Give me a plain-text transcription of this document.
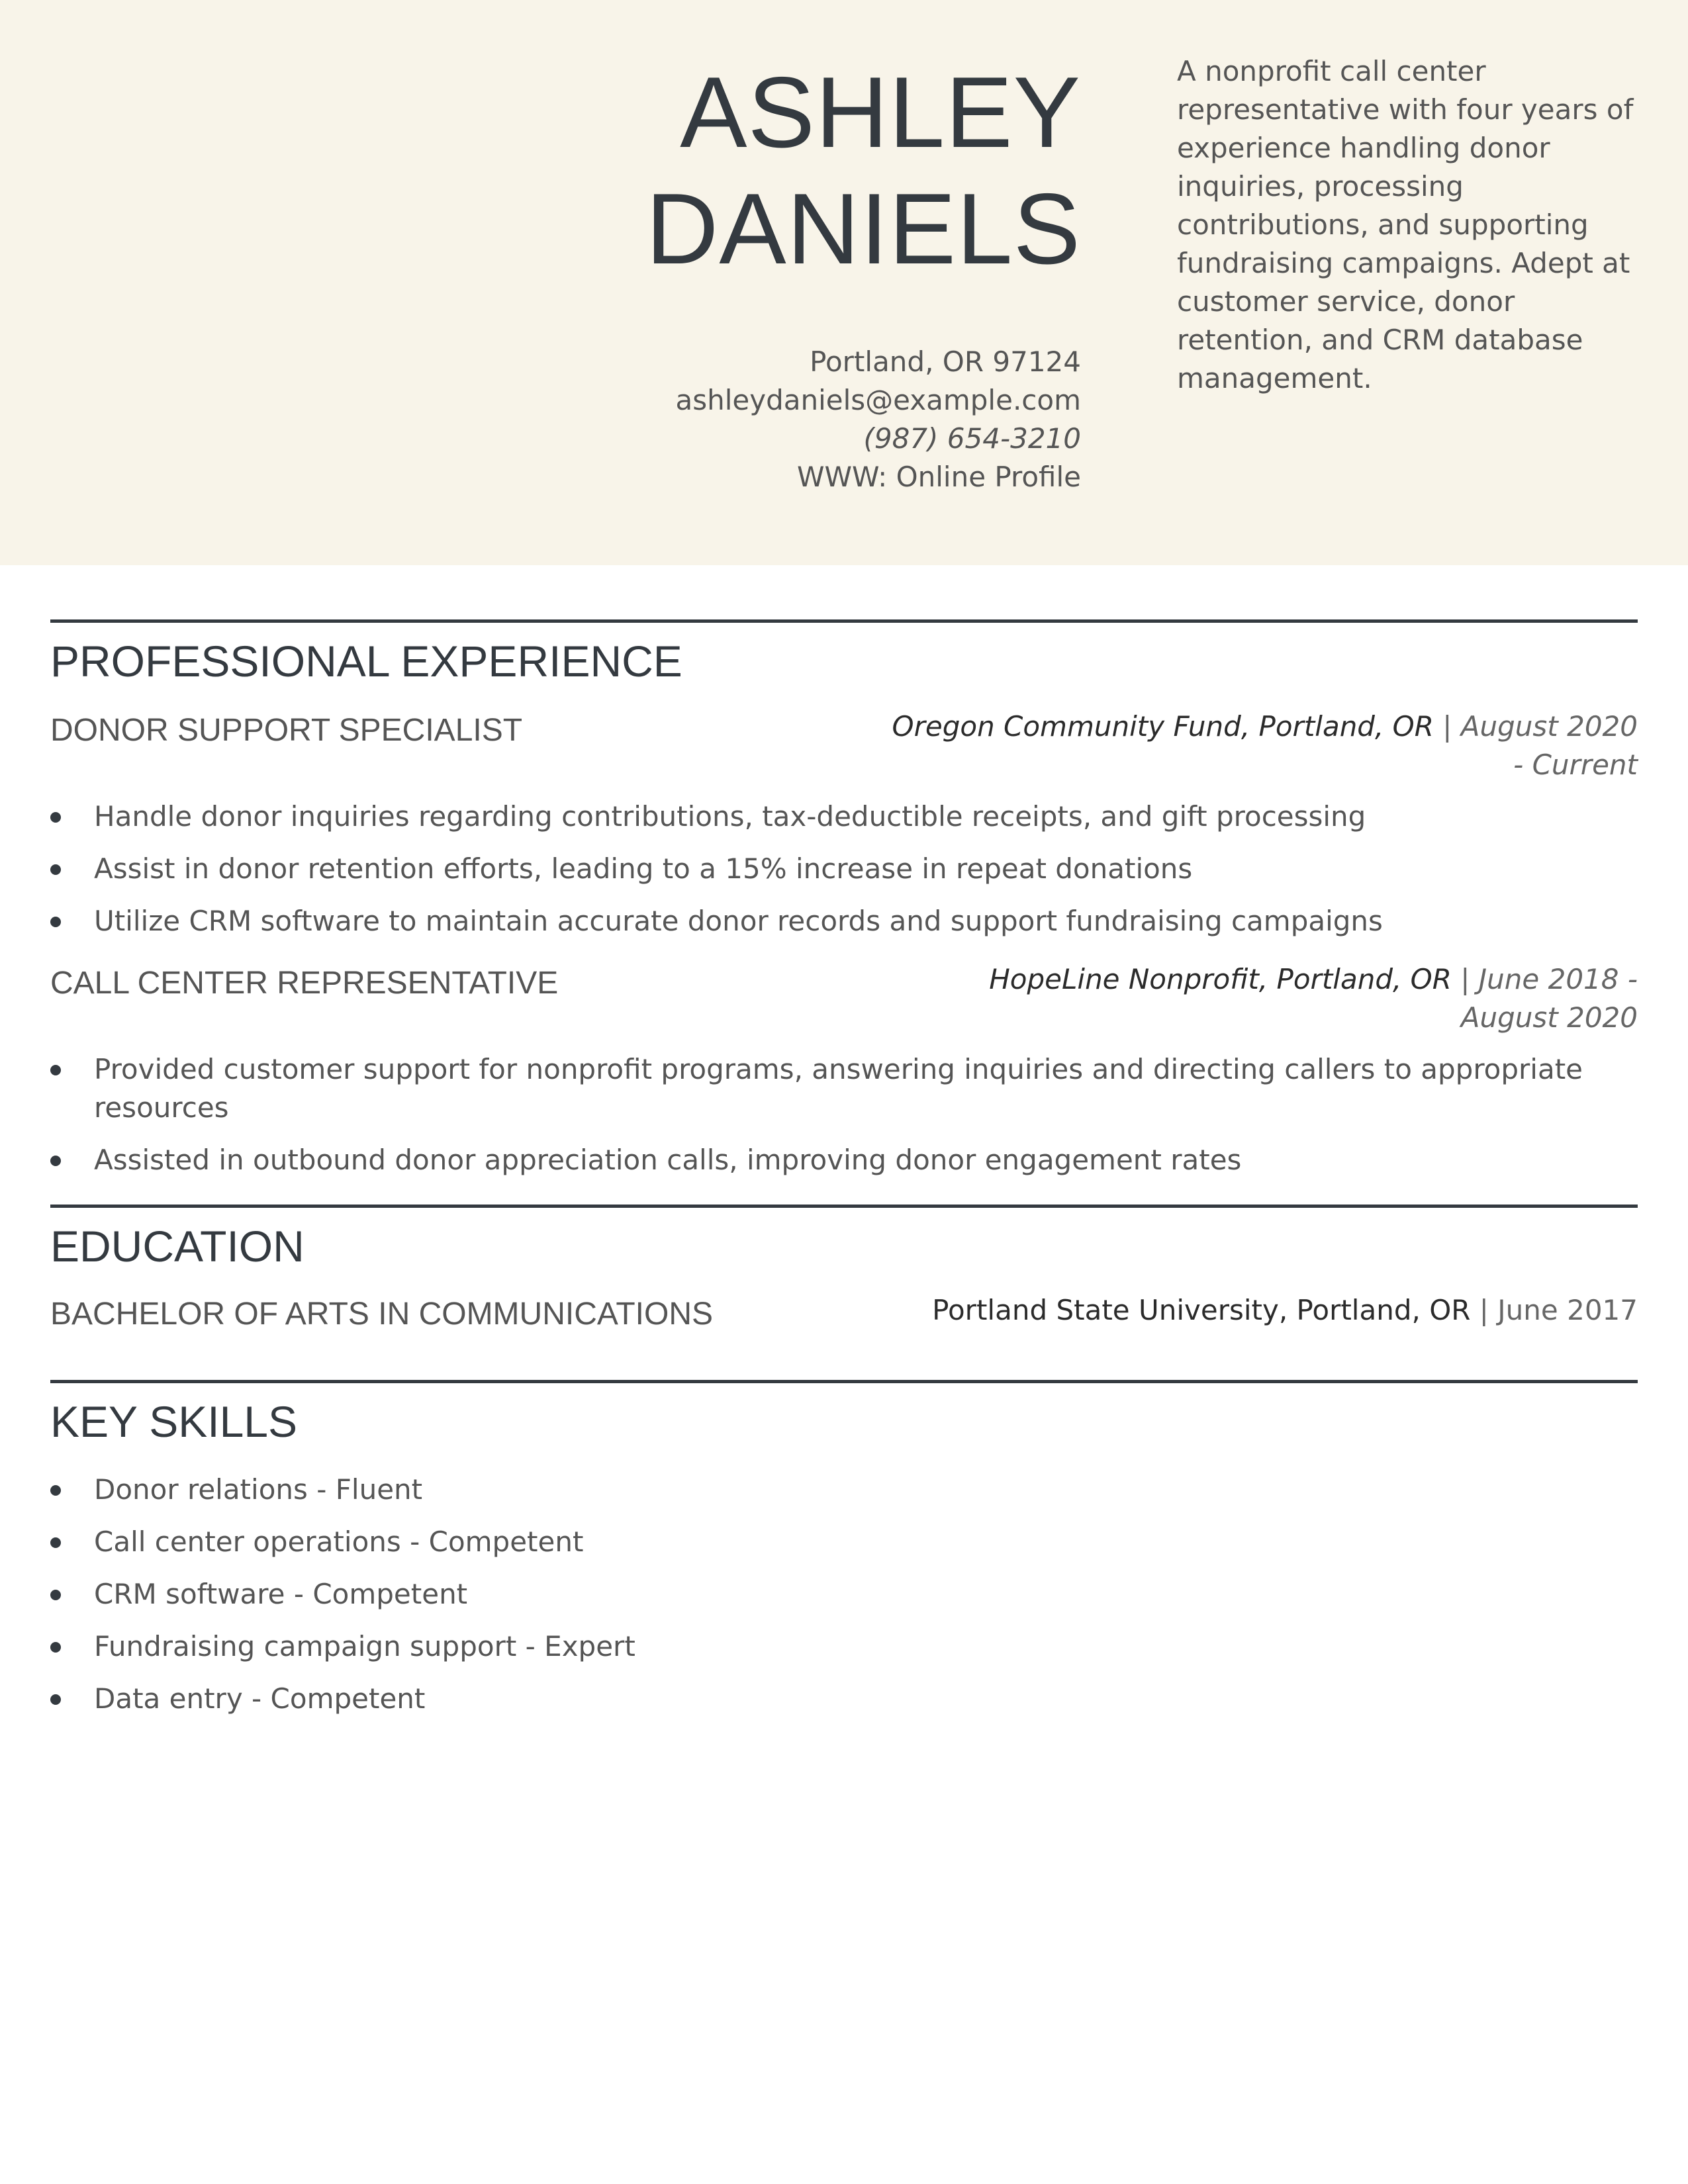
ASHLEY
DANIELS
Portland, OR 97124
ashleydaniels@example.com
(987) 654-3210
WWW: Online Profile
A nonprofit call center representative with four years of experience handling donor inquiries, processing contributions, and supporting fundraising campaigns. Adept at customer service, donor retention, and CRM database management.
PROFESSIONAL EXPERIENCE
DONOR SUPPORT SPECIALIST	Oregon Community Fund, Portland, OR | August 2020
- Current
Handle donor inquiries regarding contributions, tax-deductible receipts, and gift processing
Assist in donor retention efforts, leading to a 15% increase in repeat donations
Utilize CRM software to maintain accurate donor records and support fundraising campaigns
CALL CENTER REPRESENTATIVE	HopeLine Nonprofit, Portland, OR | June 2018 -
August 2020
Provided customer support for nonprofit programs, answering inquiries and directing callers to appropriate resources
Assisted in outbound donor appreciation calls, improving donor engagement rates
EDUCATION
BACHELOR OF ARTS IN COMMUNICATIONS	Portland State University, Portland, OR | June 2017
KEY SKILLS
Donor relations - Fluent
Call center operations - Competent
CRM software - Competent
Fundraising campaign support - Expert
Data entry - Competent
